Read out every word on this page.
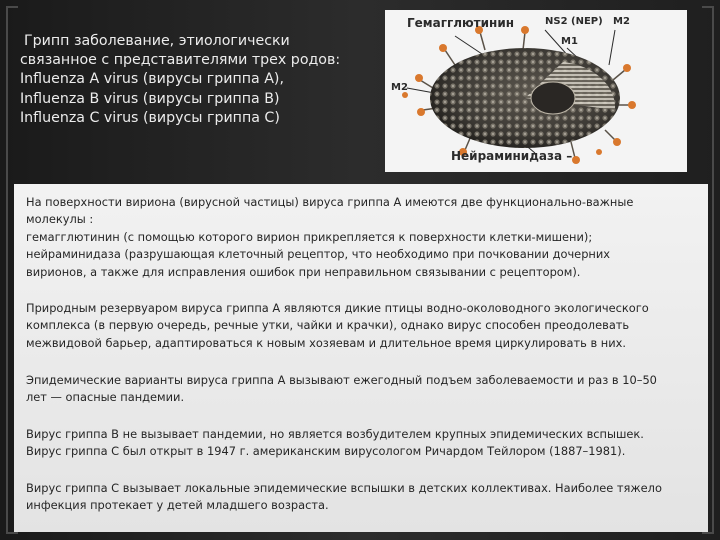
Грипп заболевание, этиологически
связанное с представителями трех родов:
Influenza A virus (вирусы гриппа А),
Influenza B virus (вирусы гриппа В)
Influenza C virus (вирусы гриппа С)
Гемагглютинин	NS2 (NEP) M2
M1
M2
Нейраминидаза –
На поверхности вириона (вирусной частицы) вируса гриппа А имеются две функционально-важные
молекулы :
гемагглютинин (с помощью которого вирион прикрепляется к поверхности клетки-мишени);
нейраминидаза (разрушающая клеточный рецептор, что необходимо при почковании дочерних
вирионов, а также для исправления ошибок при неправильном связывании с рецептором).
Природным резервуаром вируса гриппа А являются дикие птицы водно-околоводного экологического
комплекса (в первую очередь, речные утки, чайки и крачки), однако вирус способен преодолевать
межвидовой барьер, адаптироваться к новым хозяевам и длительное время циркулировать в них.
Эпидемические варианты вируса гриппа А вызывают ежегодный подъем заболеваемости и раз в 10–50
лет — опасные пандемии.
Вирус гриппа В не вызывает пандемии, но является возбудителем крупных эпидемических вспышек.
Вирус гриппа С был открыт в 1947 г. американским вирусологом Ричардом Тейлором (1887–1981).
Вирус гриппа С вызывает локальные эпидемические вспышки в детских коллективах. Наиболее тяжело
инфекция протекает у детей младшего возраста.
